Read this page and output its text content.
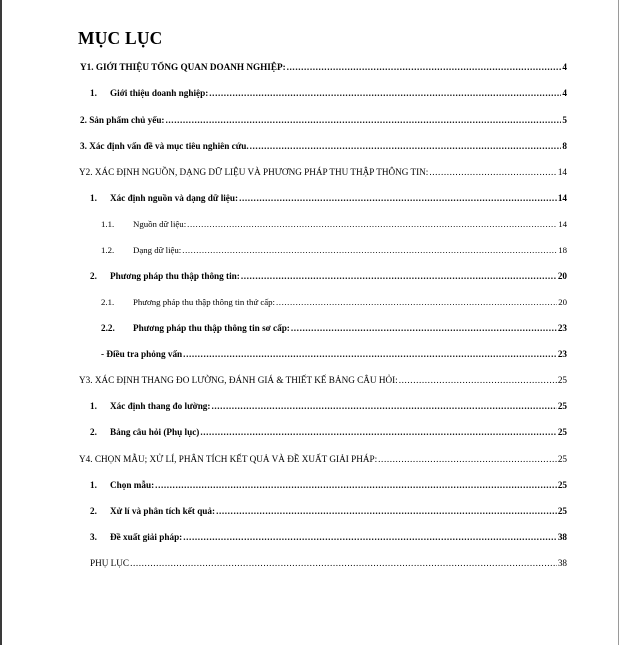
MỤC LỤC
Y1. GIỚI THIỆU TỔNG QUAN DOANH NGHIỆP: .....	4
1.	Giới thiệu doanh nghiệp: .....	4
2. Sản phẩm chủ yếu: .....	5
3. Xác định vấn đề và mục tiêu nghiên cứu. .....	8
Y2. XÁC ĐỊNH NGUỒN, DẠNG DỮ LIỆU VÀ PHƯƠNG PHÁP THU THẬP THÔNG TIN: .....	14
1.	Xác định nguồn và dạng dữ liệu: .....	14
1.1.	Nguồn dữ liệu: .....	14
1.2.	Dạng dữ liệu: .....	18
2.	Phương pháp thu thập thông tin: .....	20
2.1.	Phương pháp thu thập thông tin thứ cấp: .....	20
2.2. Phương pháp thu thập thông tin sơ cấp: .....	23
- Điều tra phỏng vấn .....	23
Y3. XÁC ĐỊNH THANG ĐO LƯỜNG, ĐÁNH GIÁ & THIẾT KẾ BẢNG CÂU HỎI: .....	25
1.	Xác định thang đo lường: .....	25
2.	Bảng câu hỏi (Phụ lục) .....	25
Y4. CHỌN MẪU; XỬ LÍ, PHÂN TÍCH KẾT QUẢ VÀ ĐỀ XUẤT GIẢI PHÁP: .....	25
1.	Chọn mẫu: .....	25
2.	Xử lí và phân tích kết quả: .....	25
3.	Đề xuất giải pháp: .....	38
PHỤ LỤC .....	38
